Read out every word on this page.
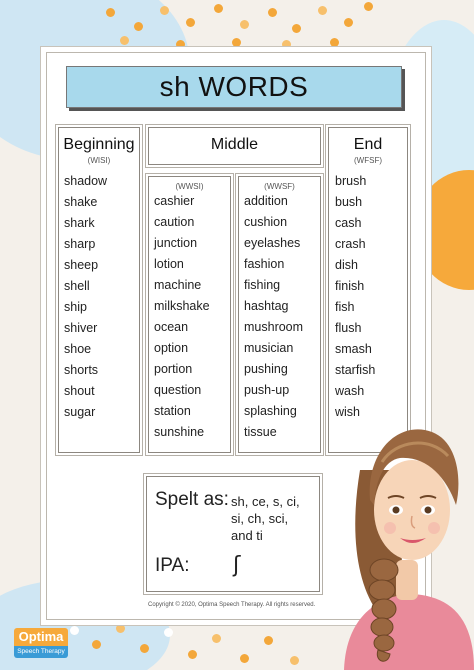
sh WORDS
Beginning
(WISI)
shadow
shake
shark
sharp
sheep
shell
ship
shiver
shoe
shorts
shout
sugar
Middle
(WWSI)
cashier
caution
junction
lotion
machine
milkshake
ocean
option
portion
question
station
sunshine
(WWSF)
addition
cushion
eyelashes
fashion
fishing
hashtag
mushroom
musician
pushing
push-up
splashing
tissue
End
(WFSF)
brush
bush
cash
crash
dish
finish
fish
flush
smash
starfish
wash
wish
Spelt as: sh, ce, s, ci,
si, ch, sci,
and ti
IPA: ʃ
Copyright © 2020, Optima Speech Therapy. All rights reserved.
Optima
Speech Therapy
